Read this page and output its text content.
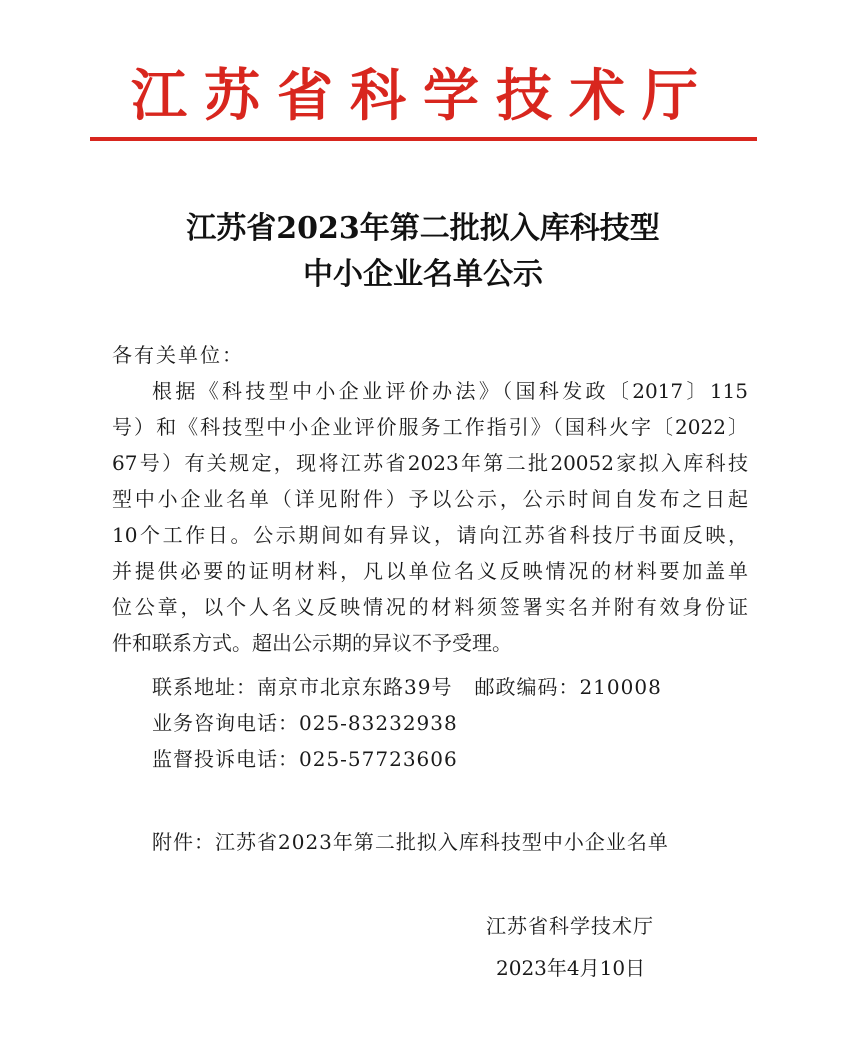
江苏省科学技术厅
江苏省2023年第二批拟入库科技型
中小企业名单公示
各有关单位：
根据《科技型中小企业评价办法》（国科发政〔2017〕115
号）和《科技型中小企业评价服务工作指引》（国科火字〔2022〕
67号）有关规定，现将江苏省2023年第二批20052家拟入库科技
型中小企业名单（详见附件）予以公示，公示时间自发布之日起
10个工作日。公示期间如有异议，请向江苏省科技厅书面反映，
并提供必要的证明材料，凡以单位名义反映情况的材料要加盖单
位公章，以个人名义反映情况的材料须签署实名并附有效身份证
件和联系方式。超出公示期的异议不予受理。
联系地址：南京市北京东路39号 邮政编码：210008
业务咨询电话：025-83232938
监督投诉电话：025-57723606
附件：江苏省2023年第二批拟入库科技型中小企业名单
江苏省科学技术厅
2023年4月10日
